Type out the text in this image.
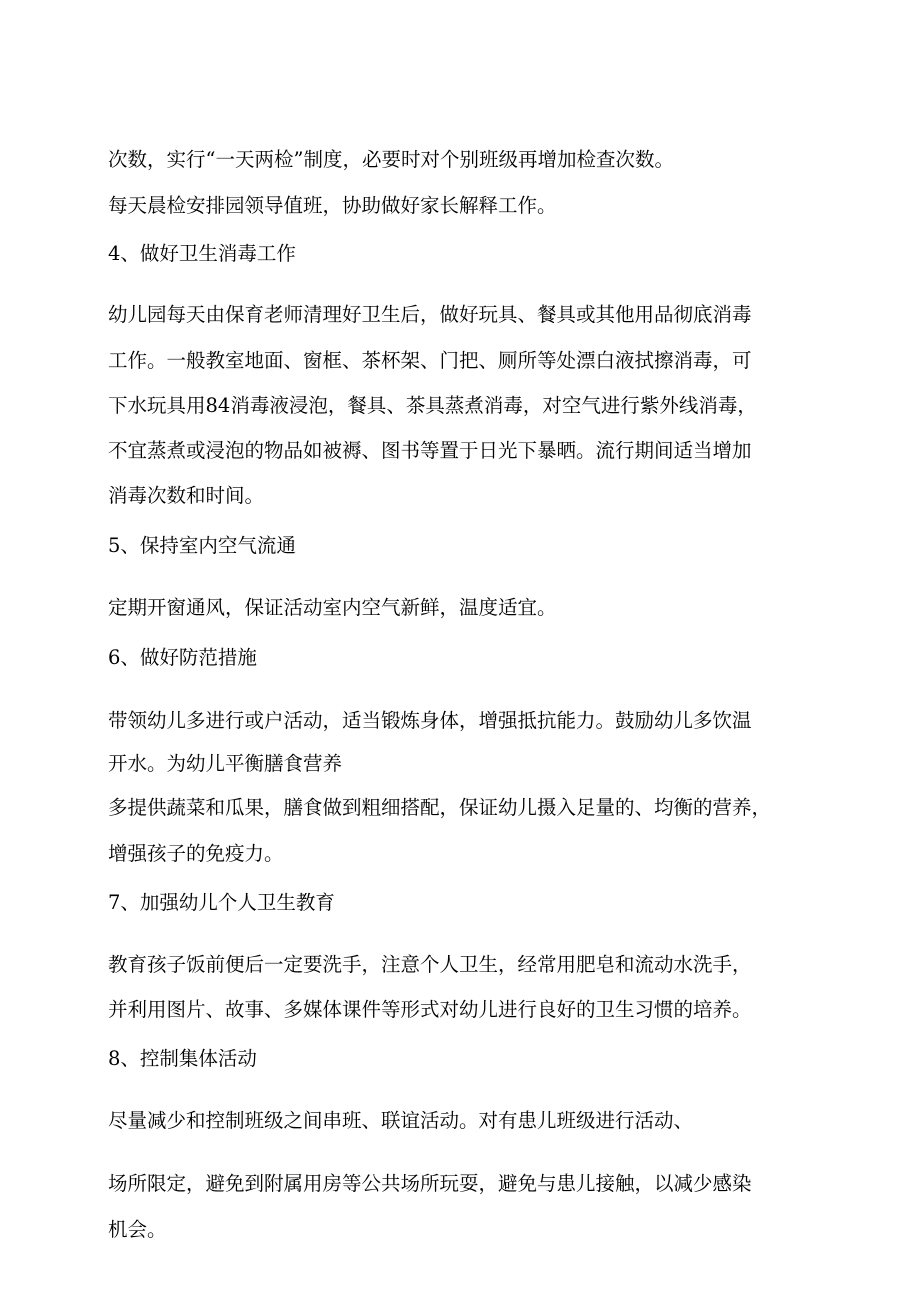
次数，实行“一天两检”制度，必要时对个别班级再增加检查次数。

每天晨检安排园领导值班，协助做好家长解释工作。

4、做好卫生消毒工作

幼儿园每天由保育老师清理好卫生后，做好玩具、餐具或其他用品彻底消毒

工作。一般教室地面、窗框、茶杯架、门把、厕所等处漂白液拭擦消毒，可

下水玩具用84消毒液浸泡，餐具、茶具蒸煮消毒，对空气进行紫外线消毒，

不宜蒸煮或浸泡的物品如被褥、图书等置于日光下暴晒。流行期间适当增加

消毒次数和时间。

5、保持室内空气流通

定期开窗通风，保证活动室内空气新鲜，温度适宜。

6、做好防范措施

带领幼儿多进行或户活动，适当锻炼身体，增强抵抗能力。鼓励幼儿多饮温

开水。为幼儿平衡膳食营养

多提供蔬菜和瓜果，膳食做到粗细搭配，保证幼儿摄入足量的、均衡的营养，

增强孩子的免疫力。

7、加强幼儿个人卫生教育

教育孩子饭前便后一定要洗手，注意个人卫生，经常用肥皂和流动水洗手，

并利用图片、故事、多媒体课件等形式对幼儿进行良好的卫生习惯的培养。

8、控制集体活动

尽量减少和控制班级之间串班、联谊活动。对有患儿班级进行活动、

场所限定，避免到附属用房等公共场所玩耍，避免与患儿接触，以减少感染

机会。
